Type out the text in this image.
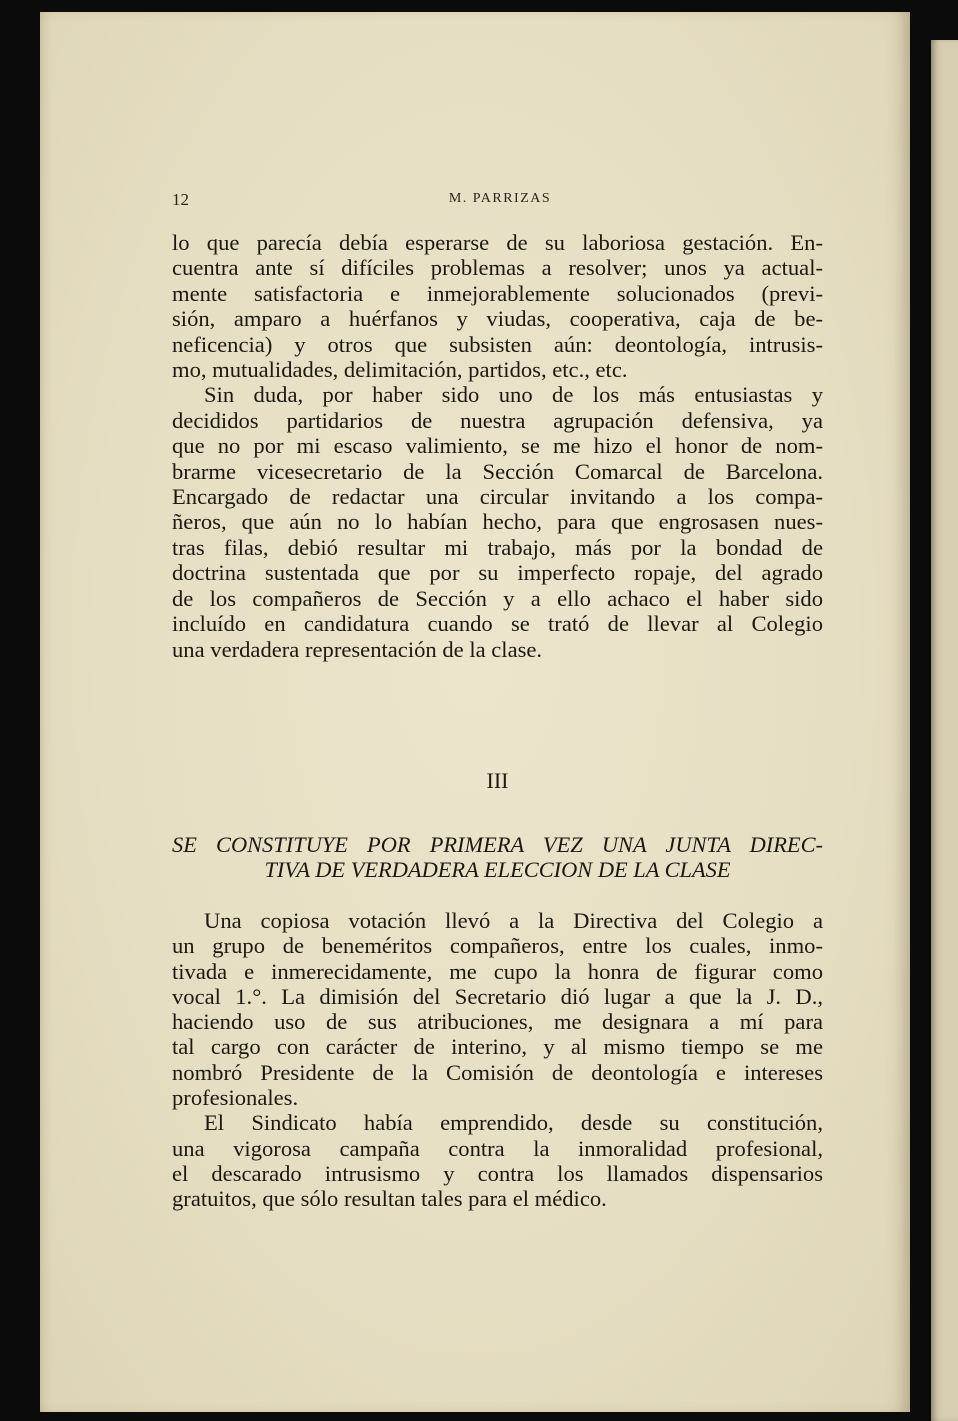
12	M. PARRIZAS

lo que parecía debía esperarse de su laboriosa gestación. En-
cuentra ante sí difíciles problemas a resolver; unos ya actual-
mente satisfactoria e inmejorablemente solucionados (previ-
sión, amparo a huérfanos y viudas, cooperativa, caja de be-
neficencia) y otros que subsisten aún: deontología, intrusis-
mo, mutualidades, delimitación, partidos, etc., etc.

Sin duda, por haber sido uno de los más entusiastas y
decididos partidarios de nuestra agrupación defensiva, ya
que no por mi escaso valimiento, se me hizo el honor de nom-
brarme vicesecretario de la Sección Comarcal de Barcelona.
Encargado de redactar una circular invitando a los compa-
ñeros, que aún no lo habían hecho, para que engrosasen nues-
tras filas, debió resultar mi trabajo, más por la bondad de
doctrina sustentada que por su imperfecto ropaje, del agrado
de los compañeros de Sección y a ello achaco el haber sido
incluído en candidatura cuando se trató de llevar al Colegio
una verdadera representación de la clase.

III
SE CONSTITUYE POR PRIMERA VEZ UNA JUNTA DIREC-
TIVA DE VERDADERA ELECCION DE LA CLASE

Una copiosa votación llevó a la Directiva del Colegio a
un grupo de beneméritos compañeros, entre los cuales, inmo-
tivada e inmerecidamente, me cupo la honra de figurar como
vocal 1.°. La dimisión del Secretario dió lugar a que la J. D.,
haciendo uso de sus atribuciones, me designara a mí para
tal cargo con carácter de interino, y al mismo tiempo se me
nombró Presidente de la Comisión de deontología e intereses
profesionales.

El Sindicato había emprendido, desde su constitución,
una vigorosa campaña contra la inmoralidad profesional,
el descarado intrusismo y contra los llamados dispensarios
gratuitos, que sólo resultan tales para el médico.
